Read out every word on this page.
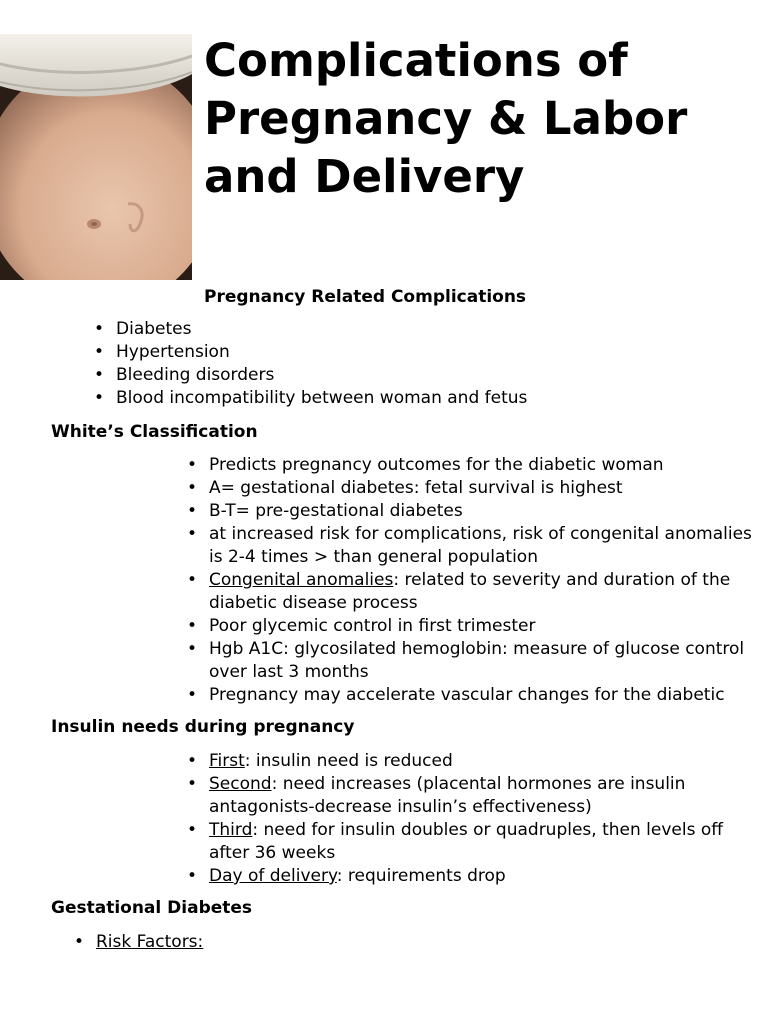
Complications of
Pregnancy & Labor
and Delivery
Pregnancy Related Complications
• Diabetes
• Hypertension
• Bleeding disorders
• Blood incompatibility between woman and fetus
White’s Classification
• Predicts pregnancy outcomes for the diabetic woman
• A= gestational diabetes: fetal survival is highest
• B-T= pre-gestational diabetes
• at increased risk for complications, risk of congenital anomalies is 2-4 times > than general population
• Congenital anomalies: related to severity and duration of the diabetic disease process
• Poor glycemic control in first trimester
• Hgb A1C: glycosilated hemoglobin: measure of glucose control over last 3 months
• Pregnancy may accelerate vascular changes for the diabetic
Insulin needs during pregnancy
• First: insulin need is reduced
• Second: need increases (placental hormones are insulin antagonists-decrease insulin’s effectiveness)
• Third: need for insulin doubles or quadruples, then levels off after 36 weeks
• Day of delivery: requirements drop
Gestational Diabetes
• Risk Factors:
